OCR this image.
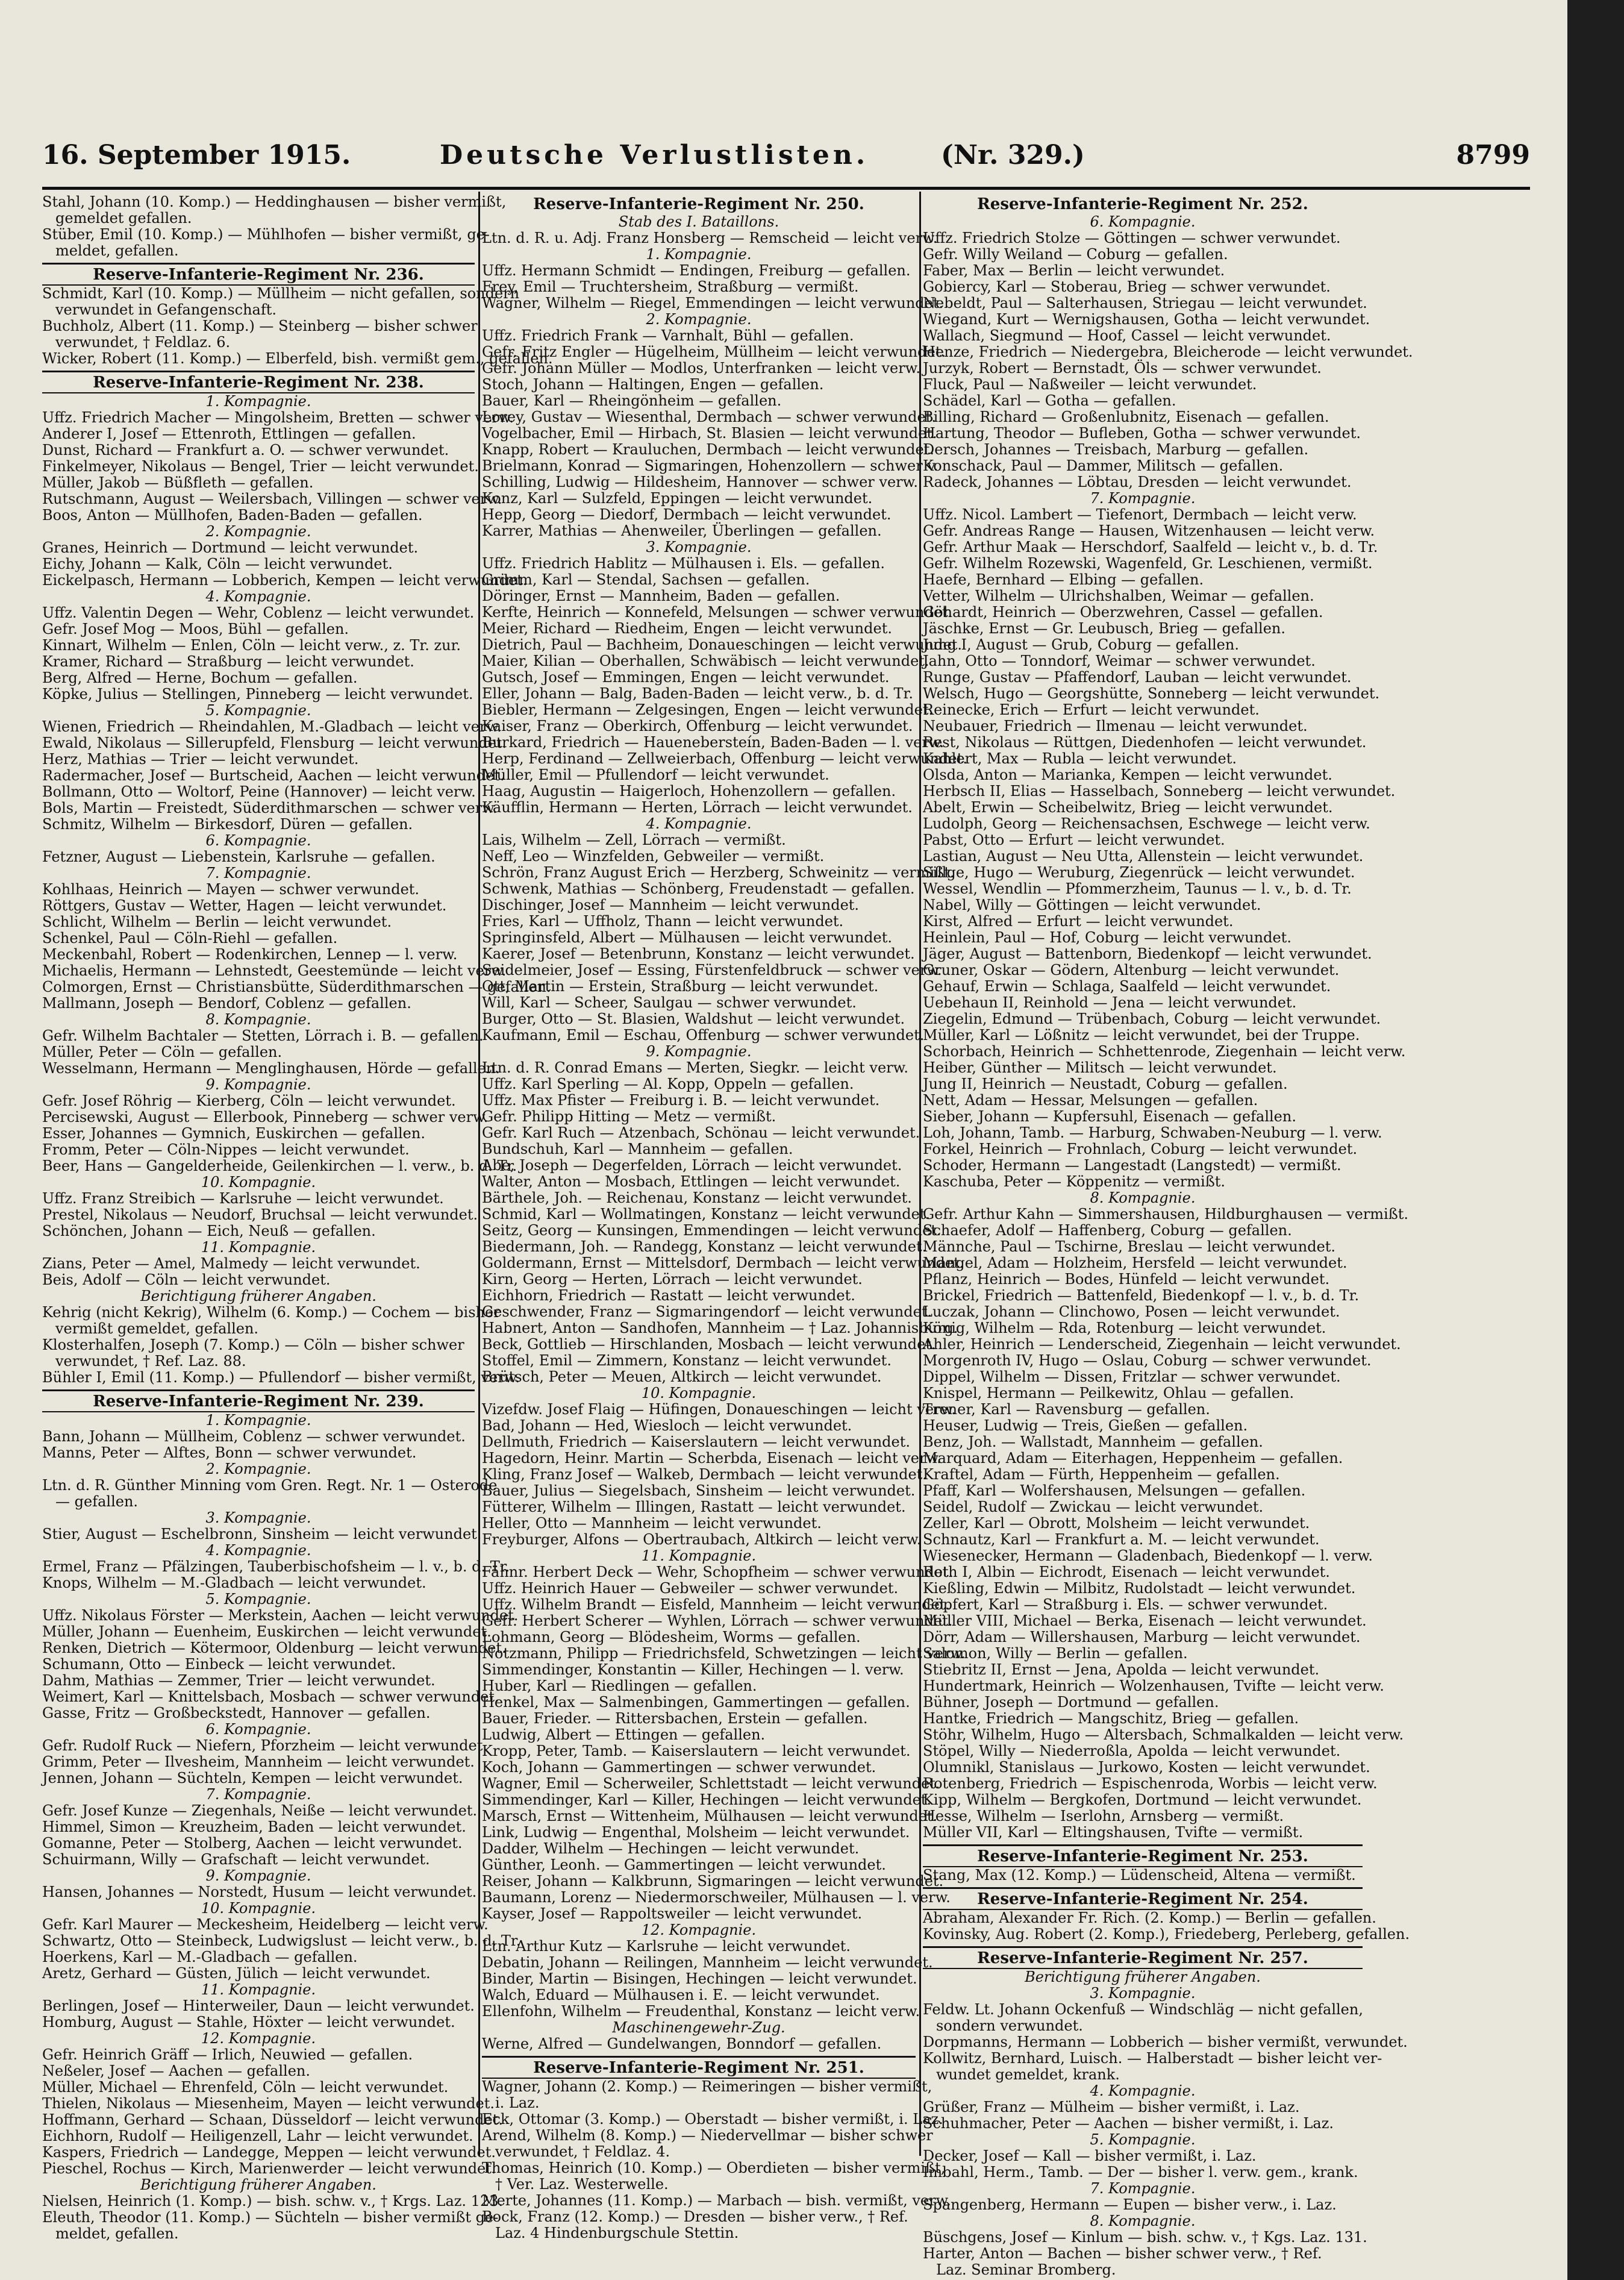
16. September 1915.	Deutsche Verlustlisten.	(Nr. 329.)	8799
Stahl, Johann (10. Komp.) — Heddinghausen — bisher vermißt,
gemeldet gefallen.
Stüber, Emil (10. Komp.) — Mühlhofen — bisher vermißt, ge-
meldet, gefallen.
Reserve-Infanterie-Regiment Nr. 236.
Schmidt, Karl (10. Komp.) — Müllheim — nicht gefallen, sondern
verwundet in Gefangenschaft.
Buchholz, Albert (11. Komp.) — Steinberg — bisher schwer
verwundet, † Feldlaz. 6.
Wicker, Robert (11. Komp.) — Elberfeld, bish. vermißt gem., gefallen.
Reserve-Infanterie-Regiment Nr. 238.
1. Kompagnie.
Uffz. Friedrich Macher — Mingolsheim, Bretten — schwer verw.
Anderer I, Josef — Ettenroth, Ettlingen — gefallen.
Dunst, Richard — Frankfurt a. O. — schwer verwundet.
Finkelmeyer, Nikolaus — Bengel, Trier — leicht verwundet.
Müller, Jakob — Büßfleth — gefallen.
Rutschmann, August — Weilersbach, Villingen — schwer verw.
Boos, Anton — Müllhofen, Baden-Baden — gefallen.
2. Kompagnie.
Granes, Heinrich — Dortmund — leicht verwundet.
Eichy, Johann — Kalk, Cöln — leicht verwundet.
Eickelpasch, Hermann — Lobberich, Kempen — leicht verwundet.
4. Kompagnie.
Uffz. Valentin Degen — Wehr, Coblenz — leicht verwundet.
Gefr. Josef Mog — Moos, Bühl — gefallen.
Kinnart, Wilhelm — Enlen, Cöln — leicht verw., z. Tr. zur.
Kramer, Richard — Straßburg — leicht verwundet.
Berg, Alfred — Herne, Bochum — gefallen.
Köpke, Julius — Stellingen, Pinneberg — leicht verwundet.
5. Kompagnie.
Wienen, Friedrich — Rheindahlen, M.-Gladbach — leicht verw.
Ewald, Nikolaus — Sillerupfeld, Flensburg — leicht verwundet.
Herz, Mathias — Trier — leicht verwundet.
Radermacher, Josef — Burtscheid, Aachen — leicht verwundet.
Bollmann, Otto — Woltorf, Peine (Hannover) — leicht verw.
Bols, Martin — Freistedt, Süderdithmarschen — schwer verw.
Schmitz, Wilhelm — Birkesdorf, Düren — gefallen.
6. Kompagnie.
Fetzner, August — Liebenstein, Karlsruhe — gefallen.
7. Kompagnie.
Kohlhaas, Heinrich — Mayen — schwer verwundet.
Röttgers, Gustav — Wetter, Hagen — leicht verwundet.
Schlicht, Wilhelm — Berlin — leicht verwundet.
Schenkel, Paul — Cöln-Riehl — gefallen.
Meckenbahl, Robert — Rodenkirchen, Lennep — l. verw.
Michaelis, Hermann — Lehnstedt, Geestemünde — leicht verw.
Colmorgen, Ernst — Christiansbütte, Süderdithmarschen — gefallen.
Mallmann, Joseph — Bendorf, Coblenz — gefallen.
8. Kompagnie.
Gefr. Wilhelm Bachtaler — Stetten, Lörrach i. B. — gefallen.
Müller, Peter — Cöln — gefallen.
Wesselmann, Hermann — Menglinghausen, Hörde — gefallen.
9. Kompagnie.
Gefr. Josef Röhrig — Kierberg, Cöln — leicht verwundet.
Percisewski, August — Ellerbook, Pinneberg — schwer verw.
Esser, Johannes — Gymnich, Euskirchen — gefallen.
Fromm, Peter — Cöln-Nippes — leicht verwundet.
Beer, Hans — Gangelderheide, Geilenkirchen — l. verw., b. d. Tr.
10. Kompagnie.
Uffz. Franz Streibich — Karlsruhe — leicht verwundet.
Prestel, Nikolaus — Neudorf, Bruchsal — leicht verwundet.
Schönchen, Johann — Eich, Neuß — gefallen.
11. Kompagnie.
Zians, Peter — Amel, Malmedy — leicht verwundet.
Beis, Adolf — Cöln — leicht verwundet.
Berichtigung früherer Angaben.
Kehrig (nicht Kekrig), Wilhelm (6. Komp.) — Cochem — bisher
vermißt gemeldet, gefallen.
Klosterhalfen, Joseph (7. Komp.) — Cöln — bisher schwer
verwundet, † Ref. Laz. 88.
Bühler I, Emil (11. Komp.) — Pfullendorf — bisher vermißt, verw.
Reserve-Infanterie-Regiment Nr. 239.
1. Kompagnie.
Bann, Johann — Müllheim, Coblenz — schwer verwundet.
Manns, Peter — Alftes, Bonn — schwer verwundet.
2. Kompagnie.
Ltn. d. R. Günther Minning vom Gren. Regt. Nr. 1 — Osterode
— gefallen.
3. Kompagnie.
Stier, August — Eschelbronn, Sinsheim — leicht verwundet.
4. Kompagnie.
Ermel, Franz — Pfälzingen, Tauberbischofsheim — l. v., b. d. Tr.
Knops, Wilhelm — M.-Gladbach — leicht verwundet.
5. Kompagnie.
Uffz. Nikolaus Förster — Merkstein, Aachen — leicht verwundet.
Müller, Johann — Euenheim, Euskirchen — leicht verwundet.
Renken, Dietrich — Kötermoor, Oldenburg — leicht verwundet.
Schumann, Otto — Einbeck — leicht verwundet.
Dahm, Mathias — Zemmer, Trier — leicht verwundet.
Weimert, Karl — Knittelsbach, Mosbach — schwer verwundet.
Gasse, Fritz — Großbeckstedt, Hannover — gefallen.
6. Kompagnie.
Gefr. Rudolf Ruck — Niefern, Pforzheim — leicht verwundet.
Grimm, Peter — Ilvesheim, Mannheim — leicht verwundet.
Jennen, Johann — Süchteln, Kempen — leicht verwundet.
7. Kompagnie.
Gefr. Josef Kunze — Ziegenhals, Neiße — leicht verwundet.
Himmel, Simon — Kreuzheim, Baden — leicht verwundet.
Gomanne, Peter — Stolberg, Aachen — leicht verwundet.
Schuirmann, Willy — Grafschaft — leicht verwundet.
9. Kompagnie.
Hansen, Johannes — Norstedt, Husum — leicht verwundet.
10. Kompagnie.
Gefr. Karl Maurer — Meckesheim, Heidelberg — leicht verw.
Schwartz, Otto — Steinbeck, Ludwigslust — leicht verw., b. d. Tr.
Hoerkens, Karl — M.-Gladbach — gefallen.
Aretz, Gerhard — Güsten, Jülich — leicht verwundet.
11. Kompagnie.
Berlingen, Josef — Hinterweiler, Daun — leicht verwundet.
Homburg, August — Stahle, Höxter — leicht verwundet.
12. Kompagnie.
Gefr. Heinrich Gräff — Irlich, Neuwied — gefallen.
Neßeler, Josef — Aachen — gefallen.
Müller, Michael — Ehrenfeld, Cöln — leicht verwundet.
Thielen, Nikolaus — Miesenheim, Mayen — leicht verwundet.
Hoffmann, Gerhard — Schaan, Düsseldorf — leicht verwundet.
Eichhorn, Rudolf — Heiligenzell, Lahr — leicht verwundet.
Kaspers, Friedrich — Landegge, Meppen — leicht verwundet.
Pieschel, Rochus — Kirch, Marienwerder — leicht verwundet.
Berichtigung früherer Angaben.
Nielsen, Heinrich (1. Komp.) — bish. schw. v., † Krgs. Laz. 123.
Eleuth, Theodor (11. Komp.) — Süchteln — bisher vermißt ge-
meldet, gefallen.
Reserve-Infanterie-Regiment Nr. 250.
Stab des I. Bataillons.
Ltn. d. R. u. Adj. Franz Honsberg — Remscheid — leicht verw.
1. Kompagnie.
Uffz. Hermann Schmidt — Endingen, Freiburg — gefallen.
Frey, Emil — Truchtersheim, Straßburg — vermißt.
Wagner, Wilhelm — Riegel, Emmendingen — leicht verwundet.
2. Kompagnie.
Uffz. Friedrich Frank — Varnhalt, Bühl — gefallen.
Gefr. Fritz Engler — Hügelheim, Müllheim — leicht verwundet.
Gefr. Johann Müller — Modlos, Unterfranken — leicht verw.
Stoch, Johann — Haltingen, Engen — gefallen.
Bauer, Karl — Rheingönheim — gefallen.
Lorey, Gustav — Wiesenthal, Dermbach — schwer verwundet.
Vogelbacher, Emil — Hirbach, St. Blasien — leicht verwundet.
Knapp, Robert — Krauluchen, Dermbach — leicht verwundet.
Brielmann, Konrad — Sigmaringen, Hohenzollern — schwer v.
Schilling, Ludwig — Hildesheim, Hannover — schwer verw.
Konz, Karl — Sulzfeld, Eppingen — leicht verwundet.
Hepp, Georg — Diedorf, Dermbach — leicht verwundet.
Karrer, Mathias — Ahenweiler, Überlingen — gefallen.
3. Kompagnie.
Uffz. Friedrich Hablitz — Mülhausen i. Els. — gefallen.
Grimm, Karl — Stendal, Sachsen — gefallen.
Döringer, Ernst — Mannheim, Baden — gefallen.
Kerfte, Heinrich — Konnefeld, Melsungen — schwer verwundet.
Meier, Richard — Riedheim, Engen — leicht verwundet.
Dietrich, Paul — Bachheim, Donaueschingen — leicht verwundet.
Maier, Kilian — Oberhallen, Schwäbisch — leicht verwundet.
Gutsch, Josef — Emmingen, Engen — leicht verwundet.
Eller, Johann — Balg, Baden-Baden — leicht verw., b. d. Tr.
Biebler, Hermann — Zelgesingen, Engen — leicht verwundet.
Kaiser, Franz — Oberkirch, Offenburg — leicht verwundet.
Burkard, Friedrich — Hauenebersteín, Baden-Baden — l. verw.
Herp, Ferdinand — Zellweierbach, Offenburg — leicht verwundet.
Müller, Emil — Pfullendorf — leicht verwundet.
Haag, Augustin — Haigerloch, Hohenzollern — gefallen.
Käufflin, Hermann — Herten, Lörrach — leicht verwundet.
4. Kompagnie.
Lais, Wilhelm — Zell, Lörrach — vermißt.
Neff, Leo — Winzfelden, Gebweiler — vermißt.
Schrön, Franz August Erich — Herzberg, Schweinitz — vermißt.
Schwenk, Mathias — Schönberg, Freudenstadt — gefallen.
Dischinger, Josef — Mannheim — leicht verwundet.
Fries, Karl — Uffholz, Thann — leicht verwundet.
Springinsfeld, Albert — Mülhausen — leicht verwundet.
Kaerer, Josef — Betenbrunn, Konstanz — leicht verwundet.
Seidelmeier, Josef — Essing, Fürstenfeldbruck — schwer verw.
Ott, Martin — Erstein, Straßburg — leicht verwundet.
Will, Karl — Scheer, Saulgau — schwer verwundet.
Burger, Otto — St. Blasien, Waldshut — leicht verwundet.
Kaufmann, Emil — Eschau, Offenburg — schwer verwundet.
9. Kompagnie.
Ltn. d. R. Conrad Emans — Merten, Siegkr. — leicht verw.
Uffz. Karl Sperling — Al. Kopp, Oppeln — gefallen.
Uffz. Max Pfister — Freiburg i. B. — leicht verwundet.
Gefr. Philipp Hitting — Metz — vermißt.
Gefr. Karl Ruch — Atzenbach, Schönau — leicht verwundet.
Bundschuh, Karl — Mannheim — gefallen.
Abe, Joseph — Degerfelden, Lörrach — leicht verwundet.
Walter, Anton — Mosbach, Ettlingen — leicht verwundet.
Bärthele, Joh. — Reichenau, Konstanz — leicht verwundet.
Schmid, Karl — Wollmatingen, Konstanz — leicht verwundet.
Seitz, Georg — Kunsingen, Emmendingen — leicht verwundet.
Biedermann, Joh. — Randegg, Konstanz — leicht verwundet.
Goldermann, Ernst — Mittelsdorf, Dermbach — leicht verwundet.
Kirn, Georg — Herten, Lörrach — leicht verwundet.
Eichhorn, Friedrich — Rastatt — leicht verwundet.
Geschwender, Franz — Sigmaringendorf — leicht verwundet.
Habnert, Anton — Sandhofen, Mannheim — † Laz. Johannisburg.
Beck, Gottlieb — Hirschlanden, Mosbach — leicht verwundet.
Stoffel, Emil — Zimmern, Konstanz — leicht verwundet.
Brütsch, Peter — Meuen, Altkirch — leicht verwundet.
10. Kompagnie.
Vizefdw. Josef Flaig — Hüfingen, Donaueschingen — leicht verw.
Bad, Johann — Hed, Wiesloch — leicht verwundet.
Dellmuth, Friedrich — Kaiserslautern — leicht verwundet.
Hagedorn, Heinr. Martin — Scherbda, Eisenach — leicht verw.
Kling, Franz Josef — Walkeb, Dermbach — leicht verwundet.
Bauer, Julius — Siegelsbach, Sinsheim — leicht verwundet.
Fütterer, Wilhelm — Illingen, Rastatt — leicht verwundet.
Heller, Otto — Mannheim — leicht verwundet.
Freyburger, Alfons — Obertraubach, Altkirch — leicht verw.
11. Kompagnie.
Fähnr. Herbert Deck — Wehr, Schopfheim — schwer verwundet.
Uffz. Heinrich Hauer — Gebweiler — schwer verwundet.
Uffz. Wilhelm Brandt — Eisfeld, Mannheim — leicht verwundet.
Gefr. Herbert Scherer — Wyhlen, Lörrach — schwer verwundet.
Lohmann, Georg — Blödesheim, Worms — gefallen.
Notzmann, Philipp — Friedrichsfeld, Schwetzingen — leicht verw.
Simmendinger, Konstantin — Killer, Hechingen — l. verw.
Huber, Karl — Riedlingen — gefallen.
Henkel, Max — Salmenbingen, Gammertingen — gefallen.
Bauer, Frieder. — Rittersbachen, Erstein — gefallen.
Ludwig, Albert — Ettingen — gefallen.
Kropp, Peter, Tamb. — Kaiserslautern — leicht verwundet.
Koch, Johann — Gammertingen — schwer verwundet.
Wagner, Emil — Scherweiler, Schlettstadt — leicht verwundet.
Simmendinger, Karl — Killer, Hechingen — leicht verwundet.
Marsch, Ernst — Wittenheim, Mülhausen — leicht verwundet.
Link, Ludwig — Engenthal, Molsheim — leicht verwundet.
Dadder, Wilhelm — Hechingen — leicht verwundet.
Günther, Leonh. — Gammertingen — leicht verwundet.
Reiser, Johann — Kalkbrunn, Sigmaringen — leicht verwundet.
Baumann, Lorenz — Niedermorschweiler, Mülhausen — l. verw.
Kayser, Josef — Rappoltsweiler — leicht verwundet.
12. Kompagnie.
Ltn. Arthur Kutz — Karlsruhe — leicht verwundet.
Debatin, Johann — Reilingen, Mannheim — leicht verwundet.
Binder, Martin — Bisingen, Hechingen — leicht verwundet.
Walch, Eduard — Mülhausen i. E. — leicht verwundet.
Ellenfohn, Wilhelm — Freudenthal, Konstanz — leicht verw.
Maschinengewehr-Zug.
Werne, Alfred — Gundelwangen, Bonndorf — gefallen.
Reserve-Infanterie-Regiment Nr. 251.
Wagner, Johann (2. Komp.) — Reimeringen — bisher vermißt,
i. Laz.
Eck, Ottomar (3. Komp.) — Oberstadt — bisher vermißt, i. Laz.
Arend, Wilhelm (8. Komp.) — Niedervellmar — bisher schwer
verwundet, † Feldlaz. 4.
Thomas, Heinrich (10. Komp.) — Oberdieten — bisher vermißt,
† Ver. Laz. Westerwelle.
Merte, Johannes (11. Komp.) — Marbach — bish. vermißt, verw.
Bock, Franz (12. Komp.) — Dresden — bisher verw., † Ref.
Laz. 4 Hindenburgschule Stettin.
Reserve-Infanterie-Regiment Nr. 252.
6. Kompagnie.
Uffz. Friedrich Stolze — Göttingen — schwer verwundet.
Gefr. Willy Weiland — Coburg — gefallen.
Faber, Max — Berlin — leicht verwundet.
Gobiercy, Karl — Stoberau, Brieg — schwer verwundet.
Nebeldt, Paul — Salterhausen, Striegau — leicht verwundet.
Wiegand, Kurt — Wernigshausen, Gotha — leicht verwundet.
Wallach, Siegmund — Hoof, Cassel — leicht verwundet.
Henze, Friedrich — Niedergebra, Bleicherode — leicht verwundet.
Jurzyk, Robert — Bernstadt, Öls — schwer verwundet.
Fluck, Paul — Naßweiler — leicht verwundet.
Schädel, Karl — Gotha — gefallen.
Billing, Richard — Großenlubnitz, Eisenach — gefallen.
Hartung, Theodor — Bufleben, Gotha — schwer verwundet.
Dersch, Johannes — Treisbach, Marburg — gefallen.
Konschack, Paul — Dammer, Militsch — gefallen.
Radeck, Johannes — Löbtau, Dresden — leicht verwundet.
7. Kompagnie.
Uffz. Nicol. Lambert — Tiefenort, Dermbach — leicht verw.
Gefr. Andreas Range — Hausen, Witzenhausen — leicht verw.
Gefr. Arthur Maak — Herschdorf, Saalfeld — leicht v., b. d. Tr.
Gefr. Wilhelm Rozewski, Wagenfeld, Gr. Leschienen, vermißt.
Haefe, Bernhard — Elbing — gefallen.
Vetter, Wilhelm — Ulrichshalben, Weimar — gefallen.
Göhardt, Heinrich — Oberzwehren, Cassel — gefallen.
Jäschke, Ernst — Gr. Leubusch, Brieg — gefallen.
Jung I, August — Grub, Coburg — gefallen.
Jahn, Otto — Tonndorf, Weimar — schwer verwundet.
Runge, Gustav — Pfaffendorf, Lauban — leicht verwundet.
Welsch, Hugo — Georgshütte, Sonneberg — leicht verwundet.
Reinecke, Erich — Erfurt — leicht verwundet.
Neubauer, Friedrich — Ilmenau — leicht verwundet.
Rest, Nikolaus — Rüttgen, Diedenhofen — leicht verwundet.
Kahlert, Max — Rubla — leicht verwundet.
Olsda, Anton — Marianka, Kempen — leicht verwundet.
Herbsch II, Elias — Hasselbach, Sonneberg — leicht verwundet.
Abelt, Erwin — Scheibelwitz, Brieg — leicht verwundet.
Ludolph, Georg — Reichensachsen, Eschwege — leicht verw.
Pabst, Otto — Erfurt — leicht verwundet.
Lastian, August — Neu Utta, Allenstein — leicht verwundet.
Sillge, Hugo — Weruburg, Ziegenrück — leicht verwundet.
Wessel, Wendlin — Pfommerzheim, Taunus — l. v., b. d. Tr.
Nabel, Willy — Göttingen — leicht verwundet.
Kirst, Alfred — Erfurt — leicht verwundet.
Heinlein, Paul — Hof, Coburg — leicht verwundet.
Jäger, August — Battenborn, Biedenkopf — leicht verwundet.
Gruner, Oskar — Gödern, Altenburg — leicht verwundet.
Gehauf, Erwin — Schlaga, Saalfeld — leicht verwundet.
Uebehaun II, Reinhold — Jena — leicht verwundet.
Ziegelin, Edmund — Trübenbach, Coburg — leicht verwundet.
Müller, Karl — Lößnitz — leicht verwundet, bei der Truppe.
Schorbach, Heinrich — Schhettenrode, Ziegenhain — leicht verw.
Heiber, Günther — Militsch — leicht verwundet.
Jung II, Heinrich — Neustadt, Coburg — gefallen.
Nett, Adam — Hessar, Melsungen — gefallen.
Sieber, Johann — Kupfersuhl, Eisenach — gefallen.
Loh, Johann, Tamb. — Harburg, Schwaben-Neuburg — l. verw.
Forkel, Heinrich — Frohnlach, Coburg — leicht verwundet.
Schoder, Hermann — Langestadt (Langstedt) — vermißt.
Kaschuba, Peter — Köppenitz — vermißt.
8. Kompagnie.
Gefr. Arthur Kahn — Simmershausen, Hildburghausen — vermißt.
Schaefer, Adolf — Haffenberg, Coburg — gefallen.
Männche, Paul — Tschirne, Breslau — leicht verwundet.
Mangel, Adam — Holzheim, Hersfeld — leicht verwundet.
Pflanz, Heinrich — Bodes, Hünfeld — leicht verwundet.
Brickel, Friedrich — Battenfeld, Biedenkopf — l. v., b. d. Tr.
Luczak, Johann — Clinchowo, Posen — leicht verwundet.
König, Wilhelm — Rda, Rotenburg — leicht verwundet.
Ahler, Heinrich — Lenderscheid, Ziegenhain — leicht verwundet.
Morgenroth IV, Hugo — Oslau, Coburg — schwer verwundet.
Dippel, Wilhelm — Dissen, Fritzlar — schwer verwundet.
Knispel, Hermann — Peilkewitz, Ohlau — gefallen.
Trener, Karl — Ravensburg — gefallen.
Heuser, Ludwig — Treis, Gießen — gefallen.
Benz, Joh. — Wallstadt, Mannheim — gefallen.
Marquard, Adam — Eiterhagen, Heppenheim — gefallen.
Kraftel, Adam — Fürth, Heppenheim — gefallen.
Pfaff, Karl — Wolfershausen, Melsungen — gefallen.
Seidel, Rudolf — Zwickau — leicht verwundet.
Zeller, Karl — Obrott, Molsheim — leicht verwundet.
Schnautz, Karl — Frankfurt a. M. — leicht verwundet.
Wiesenecker, Hermann — Gladenbach, Biedenkopf — l. verw.
Roth I, Albin — Eichrodt, Eisenach — leicht verwundet.
Kießling, Edwin — Milbitz, Rudolstadt — leicht verwundet.
Göpfert, Karl — Straßburg i. Els. — schwer verwundet.
Müller VIII, Michael — Berka, Eisenach — leicht verwundet.
Dörr, Adam — Willershausen, Marburg — leicht verwundet.
Salomon, Willy — Berlin — gefallen.
Stiebritz II, Ernst — Jena, Apolda — leicht verwundet.
Hundertmark, Heinrich — Wolzenhausen, Tvifte — leicht verw.
Bühner, Joseph — Dortmund — gefallen.
Hantke, Friedrich — Mangschitz, Brieg — gefallen.
Stöhr, Wilhelm, Hugo — Altersbach, Schmalkalden — leicht verw.
Stöpel, Willy — Niederroßla, Apolda — leicht verwundet.
Olumnikl, Stanislaus — Jurkowo, Kosten — leicht verwundet.
Rotenberg, Friedrich — Espischenroda, Worbis — leicht verw.
Kipp, Wilhelm — Bergkofen, Dortmund — leicht verwundet.
Hesse, Wilhelm — Iserlohn, Arnsberg — vermißt.
Müller VII, Karl — Eltingshausen, Tvifte — vermißt.
Reserve-Infanterie-Regiment Nr. 253.
Stang, Max (12. Komp.) — Lüdenscheid, Altena — vermißt.
Reserve-Infanterie-Regiment Nr. 254.
Abraham, Alexander Fr. Rich. (2. Komp.) — Berlin — gefallen.
Kovinsky, Aug. Robert (2. Komp.), Friedeberg, Perleberg, gefallen.
Reserve-Infanterie-Regiment Nr. 257.
Berichtigung früherer Angaben.
3. Kompagnie.
Feldw. Lt. Johann Ockenfuß — Windschläg — nicht gefallen,
sondern verwundet.
Dorpmanns, Hermann — Lobberich — bisher vermißt, verwundet.
Kollwitz, Bernhard, Luisch. — Halberstadt — bisher leicht ver-
wundet gemeldet, krank.
4. Kompagnie.
Grüßer, Franz — Mülheim — bisher vermißt, i. Laz.
Schuhmacher, Peter — Aachen — bisher vermißt, i. Laz.
5. Kompagnie.
Decker, Josef — Kall — bisher vermißt, i. Laz.
Imbahl, Herm., Tamb. — Der — bisher l. verw. gem., krank.
7. Kompagnie.
Spangenberg, Hermann — Eupen — bisher verw., i. Laz.
8. Kompagnie.
Büschgens, Josef — Kinlum — bish. schw. v., † Kgs. Laz. 131.
Harter, Anton — Bachen — bisher schwer verw., † Ref.
Laz. Seminar Bromberg.
